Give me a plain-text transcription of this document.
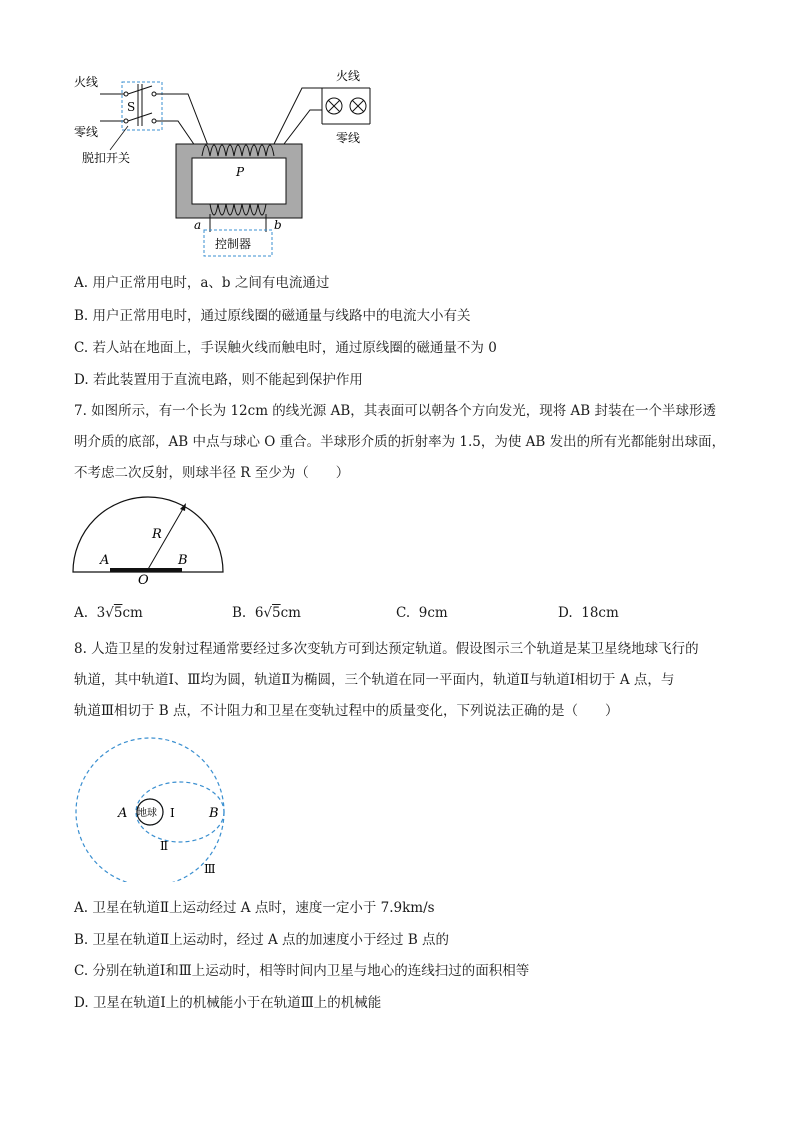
火线
零线
S
脱扣开关
P
火线
零线
a	b
控制器
A. 用户正常用电时，a、b 之间有电流通过
B. 用户正常用电时，通过原线圈的磁通量与线路中的电流大小有关
C. 若人站在地面上，手误触火线而触电时，通过原线圈的磁通量不为 0
D. 若此装置用于直流电路，则不能起到保护作用
7. 如图所示，有一个长为 12cm 的线光源 AB，其表面可以朝各个方向发光，现将 AB 封装在一个半球形透
明介质的底部，AB 中点与球心 O 重合。半球形介质的折射率为 1.5，为使 AB 发出的所有光都能射出球面，
不考虑二次反射，则球半径 R 至少为（　　）
A	B
O
R
A. 3√5cm	B. 6√5cm	C. 9cm	D. 18cm
8. 人造卫星的发射过程通常要经过多次变轨方可到达预定轨道。假设图示三个轨道是某卫星绕地球飞行的
轨道，其中轨道Ⅰ、Ⅲ均为圆，轨道Ⅱ为椭圆，三个轨道在同一平面内，轨道Ⅱ与轨道Ⅰ相切于 A 点，与
轨道Ⅲ相切于 B 点，不计阻力和卫星在变轨过程中的质量变化，下列说法正确的是（　　）
地球
A	B
Ⅰ
Ⅱ
Ⅲ
A. 卫星在轨道Ⅱ上运动经过 A 点时，速度一定小于 7.9km/s
B. 卫星在轨道Ⅱ上运动时，经过 A 点的加速度小于经过 B 点的
C. 分别在轨道Ⅰ和Ⅲ上运动时，相等时间内卫星与地心的连线扫过的面积相等
D. 卫星在轨道Ⅰ上的机械能小于在轨道Ⅲ上的机械能
